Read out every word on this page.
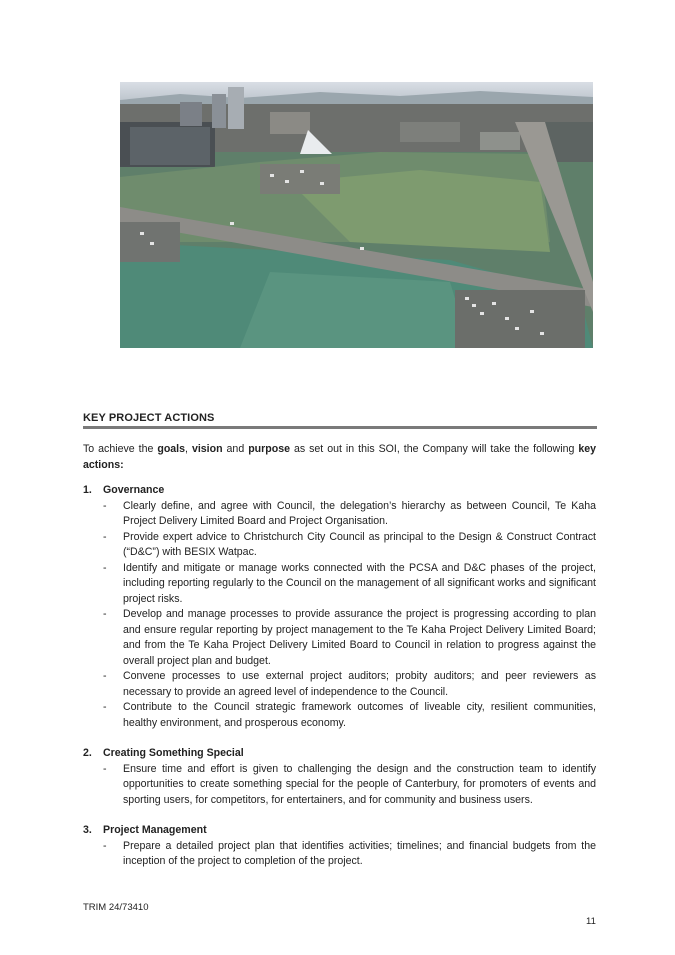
KEY PROJECT ACTIONS

To achieve the goals, vision and purpose as set out in this SOI, the Company will take the following key actions:

1.	Governance

- Clearly define, and agree with Council, the delegation’s hierarchy as between Council, Te Kaha Project Delivery Limited Board and Project Organisation.
- Provide expert advice to Christchurch City Council as principal to the Design & Construct Contract (“D&C”) with BESIX Watpac.
- Identify and mitigate or manage works connected with the PCSA and D&C phases of the project, including reporting regularly to the Council on the management of all significant works and significant project risks.
- Develop and manage processes to provide assurance the project is progressing according to plan and ensure regular reporting by project management to the Te Kaha Project Delivery Limited Board; and from the Te Kaha Project Delivery Limited Board to Council in relation to progress against the overall project plan and budget.
- Convene processes to use external project auditors; probity auditors; and peer reviewers as necessary to provide an agreed level of independence to the Council.
- Contribute to the Council strategic framework outcomes of liveable city, resilient communities, healthy environment, and prosperous economy.

2.	Creating Something Special

- Ensure time and effort is given to challenging the design and the construction team to identify opportunities to create something special for the people of Canterbury, for promoters of events and sporting users, for competitors, for entertainers, and for community and business users.

3.	Project Management

- Prepare a detailed project plan that identifies activities; timelines; and financial budgets from the inception of the project to completion of the project.
TRIM 24/73410
11
